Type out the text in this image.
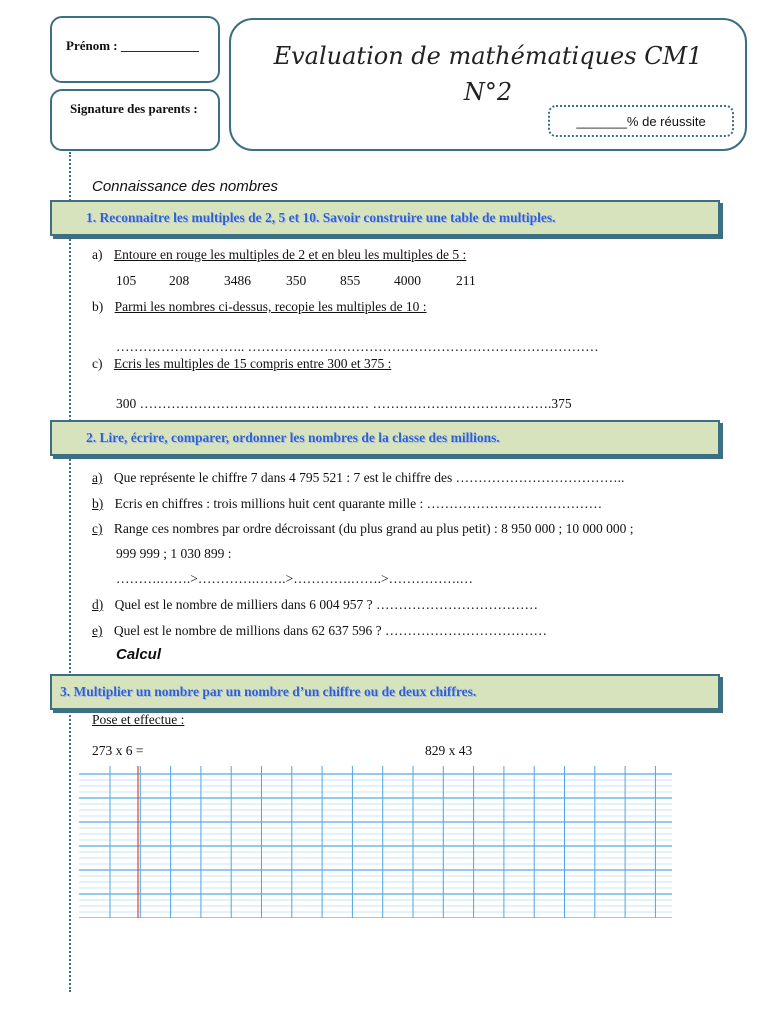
Prénom : ____________
Signature des parents :
Evaluation de mathématiques CM1
N°2
_______% de réussite
Connaissance des nombres
1. Reconnaitre les multiples de 2, 5 et 10. Savoir construire une table de multiples.
a) Entoure en rouge les multiples de 2 et en bleu les multiples de 5 :
105 208	3486	350	855	4000	211
b) Parmi les nombres ci-dessus, recopie les multiples de 10 :
……………………….. ……………………………………………………………………
c) Ecris les multiples de 15 compris entre 300 et 375 :
300 …………………………………………… ………………………………….375
2. Lire, écrire, comparer, ordonner les nombres de la classe des millions.
a) Que représente le chiffre 7 dans 4 795 521 : 7 est le chiffre des ………………………………..
b) Ecris en chiffres : trois millions huit cent quarante mille : …………………………………
c) Range ces nombres par ordre décroissant (du plus grand au plus petit) : 8 950 000 ; 10 000 000 ;
999 999 ; 1 030 899 :
……….…….>………….…….>………….…….>…………….…
d) Quel est le nombre de milliers dans 6 004 957 ? ………………………………
e) Quel est le nombre de millions dans 62 637 596 ? ………………………………
Calcul
3. Multiplier un nombre par un nombre d’un chiffre ou de deux chiffres.
Pose et effectue :
273 x 6 =	829 x 43
